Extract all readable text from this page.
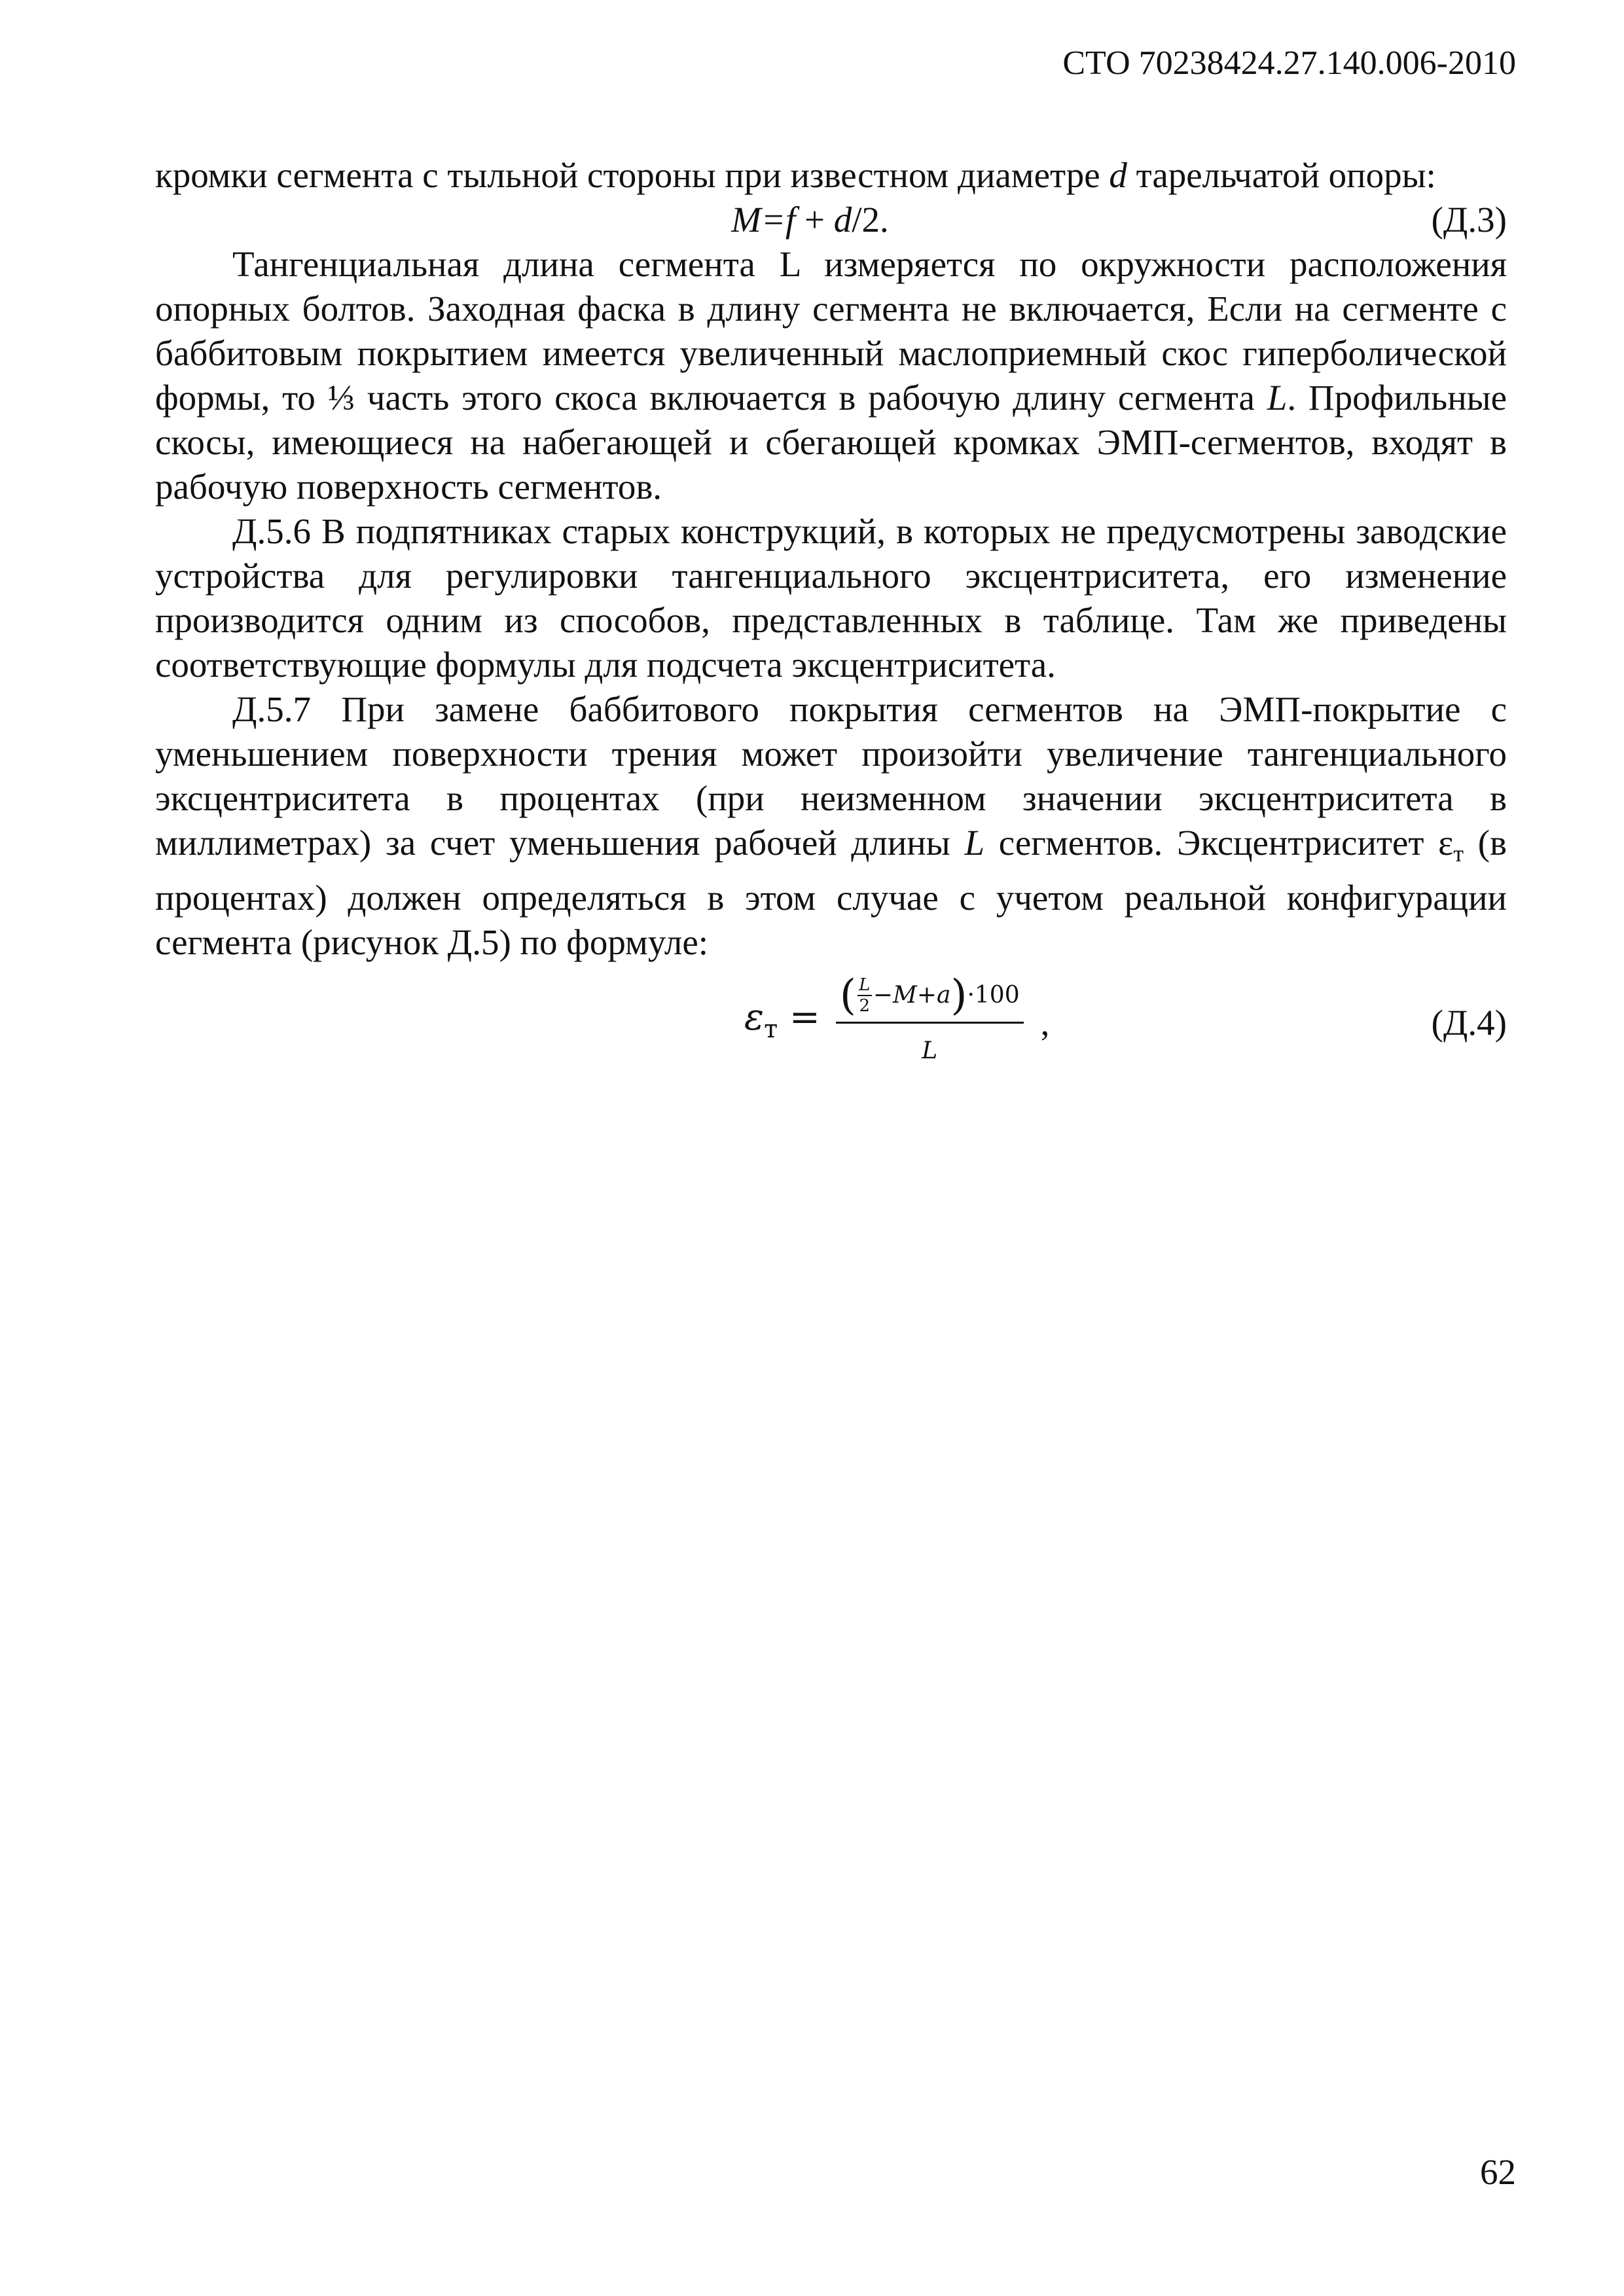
СТО 70238424.27.140.006-2010

кромки сегмента с тыльной стороны при известном диаметре d тарельчатой опоры:

M=f + d/2.	(Д.3)

Тангенциальная длина сегмента L измеряется по окружности расположения опорных болтов. Заходная фаска в длину сегмента не включается, Если на сегменте с баббитовым покрытием имеется увеличенный маслоприемный скос гиперболической формы, то ⅓ часть этого скоса включается в рабочую длину сегмента L. Профильные скосы, имеющиеся на набегающей и сбегающей кромках ЭМП-сегментов, входят в рабочую поверхность сегментов.

Д.5.6 В подпятниках старых конструкций, в которых не предусмотрены заводские устройства для регулировки тангенциального эксцентриситета, его изменение производится одним из способов, представленных в таблице. Там же приведены соответствующие формулы для подсчета эксцентриситета.

Д.5.7 При замене баббитового покрытия сегментов на ЭМП-покрытие с уменьшением поверхности трения может произойти увеличение тангенциального эксцентриситета в процентах (при неизменном значении эксцентриситета в миллиметрах) за счет уменьшения рабочей длины L сегментов. Эксцентриситет $\varepsilon_т$ (в процентах) должен определяться в этом случае с учетом реальной конфигурации сегмента (рисунок Д.5) по формуле:

$\varepsilon_т = \frac{( \frac{L}{2} -M+ a ) \cdot 100}{L}$ ,	(Д.4)
62
